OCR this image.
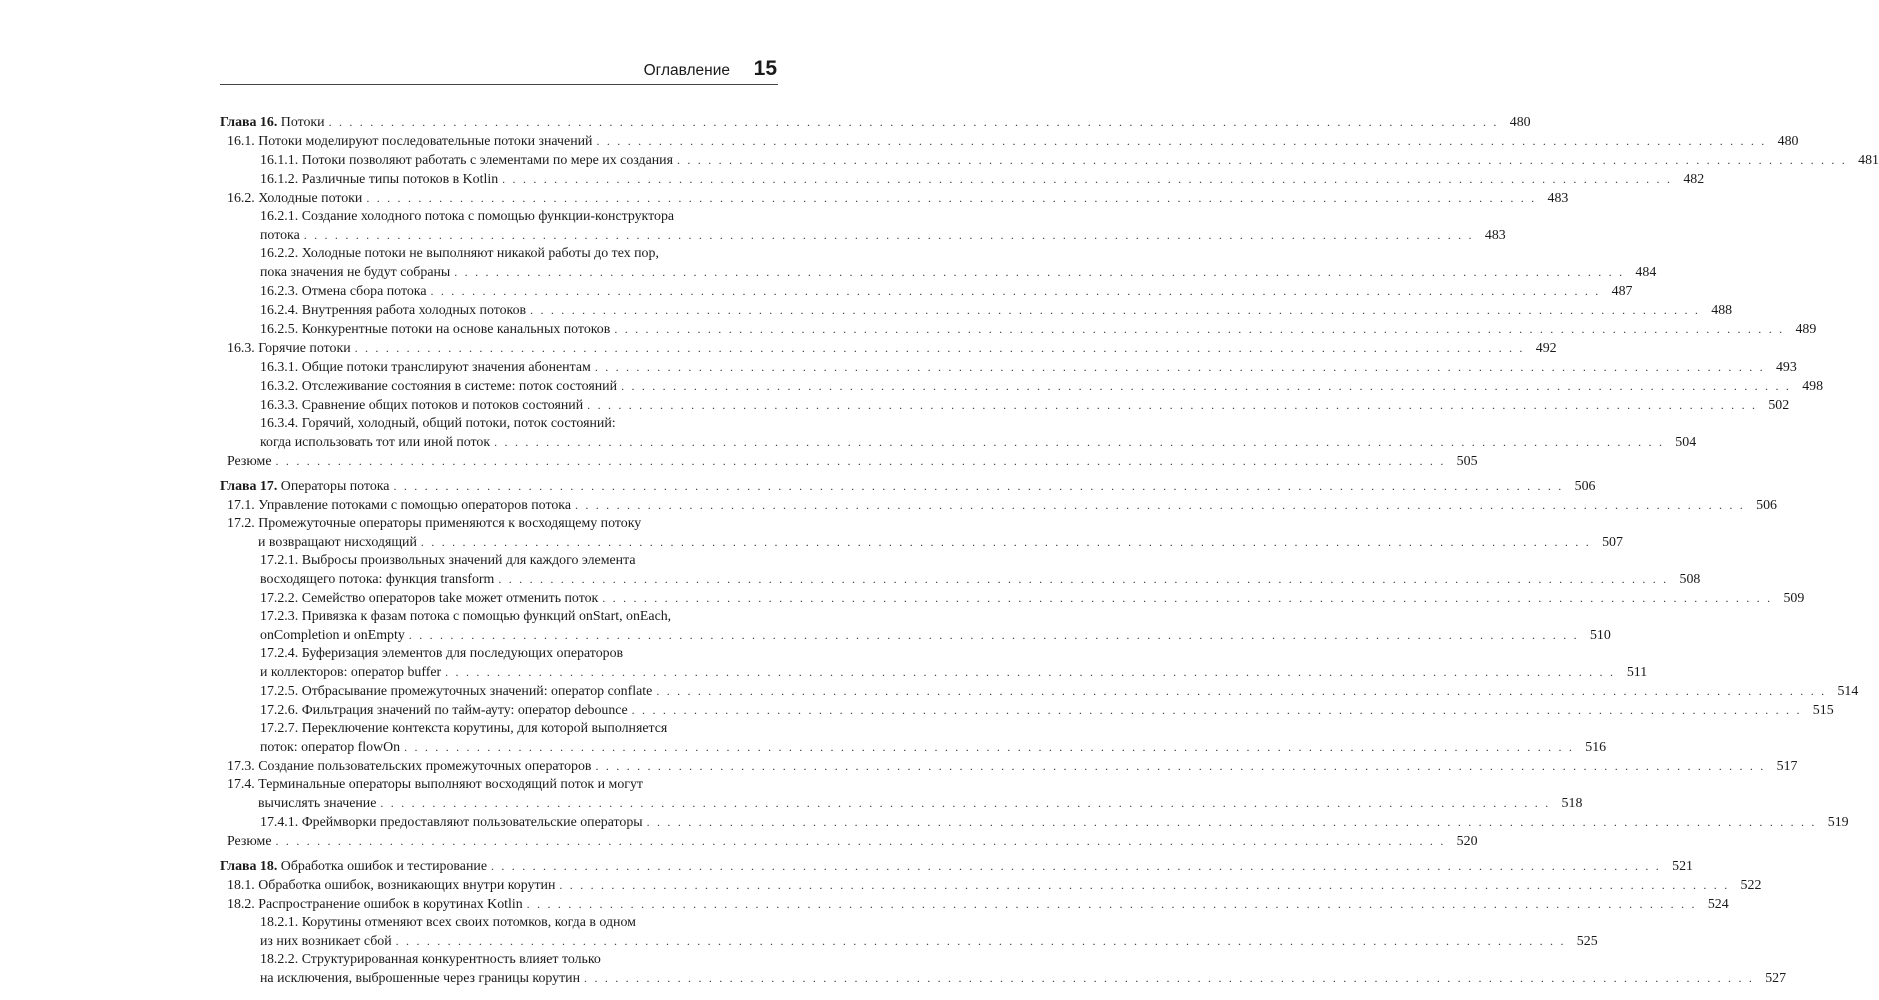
Оглавление 15
Глава 16. Потоки . . . . . . . . . . . . . . . . . . . . . . . . . . . . . . . . . . . . . . . . . . . . . . . . . . . . . . . . . . . . . . . . . . . . . . . . . . . . . . . . . . . . . . . . . . . . . . . . . . . . . . . . . . . . . . . . . 480
16.1. Потоки моделируют последовательные потоки значений . . . . . . . . . . . . . . . . . . . . . . . . . . . . . . . . . . . . . . . . . . . . . . . . . . . . . . . . . . . . . . . . . . . . . . . . . . . . . . . . . . . . . . . . . . . . . . . . . . . . . . . . . . . . . . . . . 480
16.1.1. Потоки позволяют работать с элементами по мере их создания . . . . . . . . . . . . . . . . . . . . . . . . . . . . . . . . . . . . . . . . . . . . . . . . . . . . . . . . . . . . . . . . . . . . . . . . . . . . . . . . . . . . . . . . . . . . . . . . . . . . . . . . . . . . . . . . . 481
16.1.2. Различные типы потоков в Kotlin . . . . . . . . . . . . . . . . . . . . . . . . . . . . . . . . . . . . . . . . . . . . . . . . . . . . . . . . . . . . . . . . . . . . . . . . . . . . . . . . . . . . . . . . . . . . . . . . . . . . . . . . . . . . . . . . . 482
16.2. Холодные потоки . . . . . . . . . . . . . . . . . . . . . . . . . . . . . . . . . . . . . . . . . . . . . . . . . . . . . . . . . . . . . . . . . . . . . . . . . . . . . . . . . . . . . . . . . . . . . . . . . . . . . . . . . . . . . . . . . 483
16.2.1. Создание холодного потока с помощью функции-конструктора
потока . . . . . . . . . . . . . . . . . . . . . . . . . . . . . . . . . . . . . . . . . . . . . . . . . . . . . . . . . . . . . . . . . . . . . . . . . . . . . . . . . . . . . . . . . . . . . . . . . . . . . . . . . . . . . . . . . 483
16.2.2. Холодные потоки не выполняют никакой работы до тех пор,
пока значения не будут собраны . . . . . . . . . . . . . . . . . . . . . . . . . . . . . . . . . . . . . . . . . . . . . . . . . . . . . . . . . . . . . . . . . . . . . . . . . . . . . . . . . . . . . . . . . . . . . . . . . . . . . . . . . . . . . . . . . 484
16.2.3. Отмена сбора потока . . . . . . . . . . . . . . . . . . . . . . . . . . . . . . . . . . . . . . . . . . . . . . . . . . . . . . . . . . . . . . . . . . . . . . . . . . . . . . . . . . . . . . . . . . . . . . . . . . . . . . . . . . . . . . . . . 487
16.2.4. Внутренняя работа холодных потоков . . . . . . . . . . . . . . . . . . . . . . . . . . . . . . . . . . . . . . . . . . . . . . . . . . . . . . . . . . . . . . . . . . . . . . . . . . . . . . . . . . . . . . . . . . . . . . . . . . . . . . . . . . . . . . . . . 488
16.2.5. Конкурентные потоки на основе канальных потоков . . . . . . . . . . . . . . . . . . . . . . . . . . . . . . . . . . . . . . . . . . . . . . . . . . . . . . . . . . . . . . . . . . . . . . . . . . . . . . . . . . . . . . . . . . . . . . . . . . . . . . . . . . . . . . . . . 489
16.3. Горячие потоки . . . . . . . . . . . . . . . . . . . . . . . . . . . . . . . . . . . . . . . . . . . . . . . . . . . . . . . . . . . . . . . . . . . . . . . . . . . . . . . . . . . . . . . . . . . . . . . . . . . . . . . . . . . . . . . . . 492
16.3.1. Общие потоки транслируют значения абонентам . . . . . . . . . . . . . . . . . . . . . . . . . . . . . . . . . . . . . . . . . . . . . . . . . . . . . . . . . . . . . . . . . . . . . . . . . . . . . . . . . . . . . . . . . . . . . . . . . . . . . . . . . . . . . . . . . 493
16.3.2. Отслеживание состояния в системе: поток состояний . . . . . . . . . . . . . . . . . . . . . . . . . . . . . . . . . . . . . . . . . . . . . . . . . . . . . . . . . . . . . . . . . . . . . . . . . . . . . . . . . . . . . . . . . . . . . . . . . . . . . . . . . . . . . . . . . 498
16.3.3. Сравнение общих потоков и потоков состояний . . . . . . . . . . . . . . . . . . . . . . . . . . . . . . . . . . . . . . . . . . . . . . . . . . . . . . . . . . . . . . . . . . . . . . . . . . . . . . . . . . . . . . . . . . . . . . . . . . . . . . . . . . . . . . . . . 502
16.3.4. Горячий, холодный, общий потоки, поток состояний:
когда использовать тот или иной поток . . . . . . . . . . . . . . . . . . . . . . . . . . . . . . . . . . . . . . . . . . . . . . . . . . . . . . . . . . . . . . . . . . . . . . . . . . . . . . . . . . . . . . . . . . . . . . . . . . . . . . . . . . . . . . . . . 504
Резюме . . . . . . . . . . . . . . . . . . . . . . . . . . . . . . . . . . . . . . . . . . . . . . . . . . . . . . . . . . . . . . . . . . . . . . . . . . . . . . . . . . . . . . . . . . . . . . . . . . . . . . . . . . . . . . . . . 505
Глава 17. Операторы потока . . . . . . . . . . . . . . . . . . . . . . . . . . . . . . . . . . . . . . . . . . . . . . . . . . . . . . . . . . . . . . . . . . . . . . . . . . . . . . . . . . . . . . . . . . . . . . . . . . . . . . . . . . . . . . . . . 506
17.1. Управление потоками с помощью операторов потока . . . . . . . . . . . . . . . . . . . . . . . . . . . . . . . . . . . . . . . . . . . . . . . . . . . . . . . . . . . . . . . . . . . . . . . . . . . . . . . . . . . . . . . . . . . . . . . . . . . . . . . . . . . . . . . . . 506
17.2. Промежуточные операторы применяются к восходящему потоку
и возвращают нисходящий . . . . . . . . . . . . . . . . . . . . . . . . . . . . . . . . . . . . . . . . . . . . . . . . . . . . . . . . . . . . . . . . . . . . . . . . . . . . . . . . . . . . . . . . . . . . . . . . . . . . . . . . . . . . . . . . . 507
17.2.1. Выбросы произвольных значений для каждого элемента
восходящего потока: функция transform . . . . . . . . . . . . . . . . . . . . . . . . . . . . . . . . . . . . . . . . . . . . . . . . . . . . . . . . . . . . . . . . . . . . . . . . . . . . . . . . . . . . . . . . . . . . . . . . . . . . . . . . . . . . . . . . . 508
17.2.2. Семейство операторов take может отменить поток . . . . . . . . . . . . . . . . . . . . . . . . . . . . . . . . . . . . . . . . . . . . . . . . . . . . . . . . . . . . . . . . . . . . . . . . . . . . . . . . . . . . . . . . . . . . . . . . . . . . . . . . . . . . . . . . . 509
17.2.3. Привязка к фазам потока с помощью функций onStart, onEach,
onCompletion и onEmpty . . . . . . . . . . . . . . . . . . . . . . . . . . . . . . . . . . . . . . . . . . . . . . . . . . . . . . . . . . . . . . . . . . . . . . . . . . . . . . . . . . . . . . . . . . . . . . . . . . . . . . . . . . . . . . . . . 510
17.2.4. Буферизация элементов для последующих операторов
и коллекторов: оператор buffer . . . . . . . . . . . . . . . . . . . . . . . . . . . . . . . . . . . . . . . . . . . . . . . . . . . . . . . . . . . . . . . . . . . . . . . . . . . . . . . . . . . . . . . . . . . . . . . . . . . . . . . . . . . . . . . . . 511
17.2.5. Отбрасывание промежуточных значений: оператор conflate . . . . . . . . . . . . . . . . . . . . . . . . . . . . . . . . . . . . . . . . . . . . . . . . . . . . . . . . . . . . . . . . . . . . . . . . . . . . . . . . . . . . . . . . . . . . . . . . . . . . . . . . . . . . . . . . . 514
17.2.6. Фильтрация значений по тайм-ауту: оператор debounce . . . . . . . . . . . . . . . . . . . . . . . . . . . . . . . . . . . . . . . . . . . . . . . . . . . . . . . . . . . . . . . . . . . . . . . . . . . . . . . . . . . . . . . . . . . . . . . . . . . . . . . . . . . . . . . . . 515
17.2.7. Переключение контекста корутины, для которой выполняется
поток: оператор flowOn . . . . . . . . . . . . . . . . . . . . . . . . . . . . . . . . . . . . . . . . . . . . . . . . . . . . . . . . . . . . . . . . . . . . . . . . . . . . . . . . . . . . . . . . . . . . . . . . . . . . . . . . . . . . . . . . . 516
17.3. Создание пользовательских промежуточных операторов . . . . . . . . . . . . . . . . . . . . . . . . . . . . . . . . . . . . . . . . . . . . . . . . . . . . . . . . . . . . . . . . . . . . . . . . . . . . . . . . . . . . . . . . . . . . . . . . . . . . . . . . . . . . . . . . . 517
17.4. Терминальные операторы выполняют восходящий поток и могут
вычислять значение . . . . . . . . . . . . . . . . . . . . . . . . . . . . . . . . . . . . . . . . . . . . . . . . . . . . . . . . . . . . . . . . . . . . . . . . . . . . . . . . . . . . . . . . . . . . . . . . . . . . . . . . . . . . . . . . . 518
17.4.1. Фреймворки предоставляют пользовательские операторы . . . . . . . . . . . . . . . . . . . . . . . . . . . . . . . . . . . . . . . . . . . . . . . . . . . . . . . . . . . . . . . . . . . . . . . . . . . . . . . . . . . . . . . . . . . . . . . . . . . . . . . . . . . . . . . . . 519
Резюме . . . . . . . . . . . . . . . . . . . . . . . . . . . . . . . . . . . . . . . . . . . . . . . . . . . . . . . . . . . . . . . . . . . . . . . . . . . . . . . . . . . . . . . . . . . . . . . . . . . . . . . . . . . . . . . . . 520
Глава 18. Обработка ошибок и тестирование . . . . . . . . . . . . . . . . . . . . . . . . . . . . . . . . . . . . . . . . . . . . . . . . . . . . . . . . . . . . . . . . . . . . . . . . . . . . . . . . . . . . . . . . . . . . . . . . . . . . . . . . . . . . . . . . . 521
18.1. Обработка ошибок, возникающих внутри корутин . . . . . . . . . . . . . . . . . . . . . . . . . . . . . . . . . . . . . . . . . . . . . . . . . . . . . . . . . . . . . . . . . . . . . . . . . . . . . . . . . . . . . . . . . . . . . . . . . . . . . . . . . . . . . . . . . 522
18.2. Распространение ошибок в корутинах Kotlin . . . . . . . . . . . . . . . . . . . . . . . . . . . . . . . . . . . . . . . . . . . . . . . . . . . . . . . . . . . . . . . . . . . . . . . . . . . . . . . . . . . . . . . . . . . . . . . . . . . . . . . . . . . . . . . . . 524
18.2.1. Корутины отменяют всех своих потомков, когда в одном
из них возникает сбой . . . . . . . . . . . . . . . . . . . . . . . . . . . . . . . . . . . . . . . . . . . . . . . . . . . . . . . . . . . . . . . . . . . . . . . . . . . . . . . . . . . . . . . . . . . . . . . . . . . . . . . . . . . . . . . . . 525
18.2.2. Структурированная конкурентность влияет только
на исключения, выброшенные через границы корутин . . . . . . . . . . . . . . . . . . . . . . . . . . . . . . . . . . . . . . . . . . . . . . . . . . . . . . . . . . . . . . . . . . . . . . . . . . . . . . . . . . . . . . . . . . . . . . . . . . . . . . . . . . . . . . . . . 527
